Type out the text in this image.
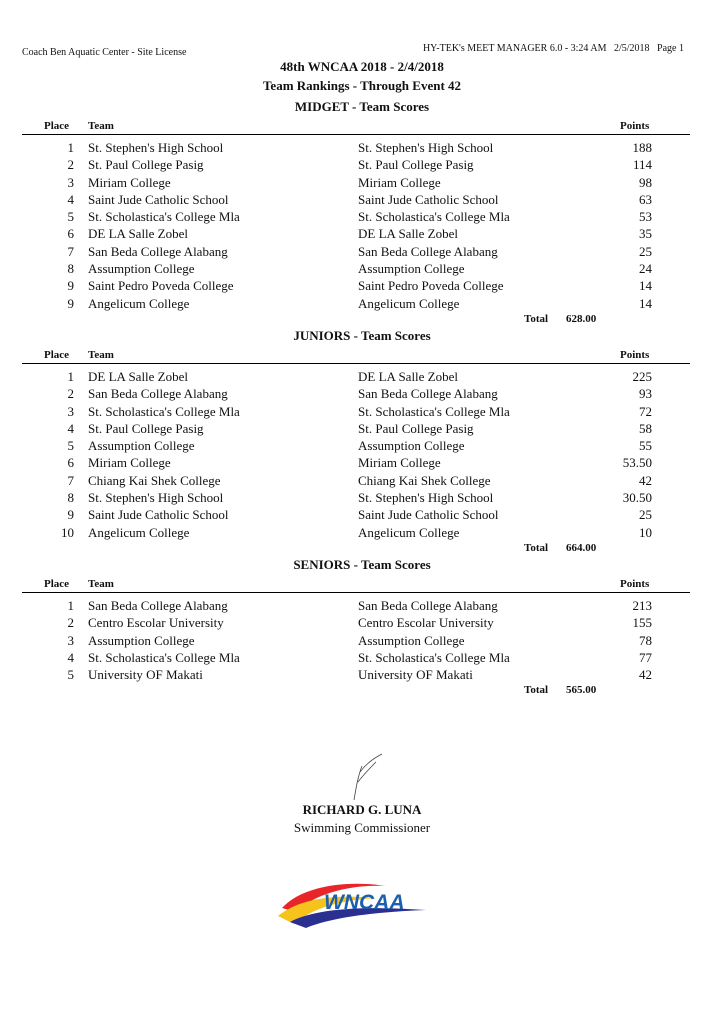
Coach Ben Aquatic Center - Site License	HY-TEK's MEET MANAGER 6.0 - 3:24 AM   2/5/2018   Page 1
48th WNCAA 2018 - 2/4/2018
Team Rankings - Through Event 42
MIDGET - Team Scores
Place Team	Points
1 St. Stephen's High School	St. Stephen's High School	188
2 St. Paul College Pasig	St. Paul College Pasig	114
3 Miriam College	Miriam College	98
4 Saint Jude Catholic School	Saint Jude Catholic School	63
5 St. Scholastica's College Mla	St. Scholastica's College Mla	53
6 DE LA Salle Zobel	DE LA Salle Zobel	35
7 San Beda College Alabang	San Beda College Alabang	25
8 Assumption College	Assumption College	24
9 Saint Pedro Poveda College	Saint Pedro Poveda College	14
9 Angelicum College	Angelicum College	14
Total 628.00
JUNIORS - Team Scores
Place Team	Points
1 DE LA Salle Zobel	DE LA Salle Zobel	225
2 San Beda College Alabang	San Beda College Alabang	93
3 St. Scholastica's College Mla	St. Scholastica's College Mla	72
4 St. Paul College Pasig	St. Paul College Pasig	58
5 Assumption College	Assumption College	55
6 Miriam College	Miriam College	53.50
7 Chiang Kai Shek College	Chiang Kai Shek College	42
8 St. Stephen's High School	St. Stephen's High School	30.50
9 Saint Jude Catholic School	Saint Jude Catholic School	25
10 Angelicum College	Angelicum College	10
Total 664.00
SENIORS - Team Scores
Place Team	Points
1 San Beda College Alabang	San Beda College Alabang	213
2 Centro Escolar University	Centro Escolar University	155
3 Assumption College	Assumption College	78
4 St. Scholastica's College Mla	St. Scholastica's College Mla	77
5 University OF Makati	University OF Makati	42
Total 565.00
RICHARD G. LUNA
Swimming Commissioner
WNCAA
